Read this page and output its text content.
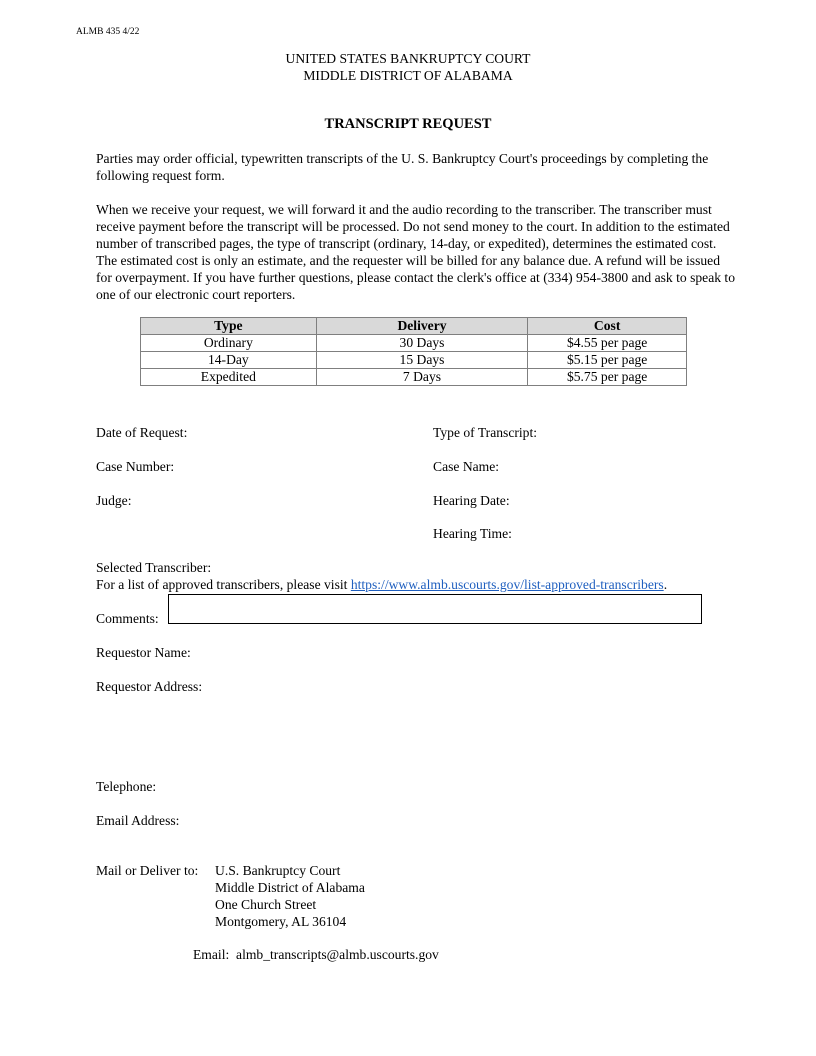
ALMB 435 4/22
UNITED STATES BANKRUPTCY COURT
MIDDLE DISTRICT OF ALABAMA
TRANSCRIPT REQUEST
Parties may order official, typewritten transcripts of the U. S. Bankruptcy Court's proceedings by completing the following request form.
When we receive your request, we will forward it and the audio recording to the transcriber. The transcriber must receive payment before the transcript will be processed. Do not send money to the court. In addition to the estimated number of transcribed pages, the type of transcript (ordinary, 14-day, or expedited), determines the estimated cost. The estimated cost is only an estimate, and the requester will be billed for any balance due. A refund will be issued for overpayment. If you have further questions, please contact the clerk's office at (334) 954-3800 and ask to speak to one of our electronic court reporters.
Type	Delivery	Cost
Ordinary	30 Days	$4.55 per page
14-Day	15 Days	$5.15 per page
Expedited	7 Days	$5.75 per page
Date of Request:	Type of Transcript:
Case Number:	Case Name:
Judge:	Hearing Date:
Hearing Time:
Selected Transcriber:
For a list of approved transcribers, please visit https://www.almb.uscourts.gov/list-approved-transcribers.
Comments:
Requestor Name:
Requestor Address:
Telephone:
Email Address:
Mail or Deliver to: U.S. Bankruptcy Court
Middle District of Alabama
One Church Street
Montgomery, AL 36104
Email: almb_transcripts@almb.uscourts.gov
